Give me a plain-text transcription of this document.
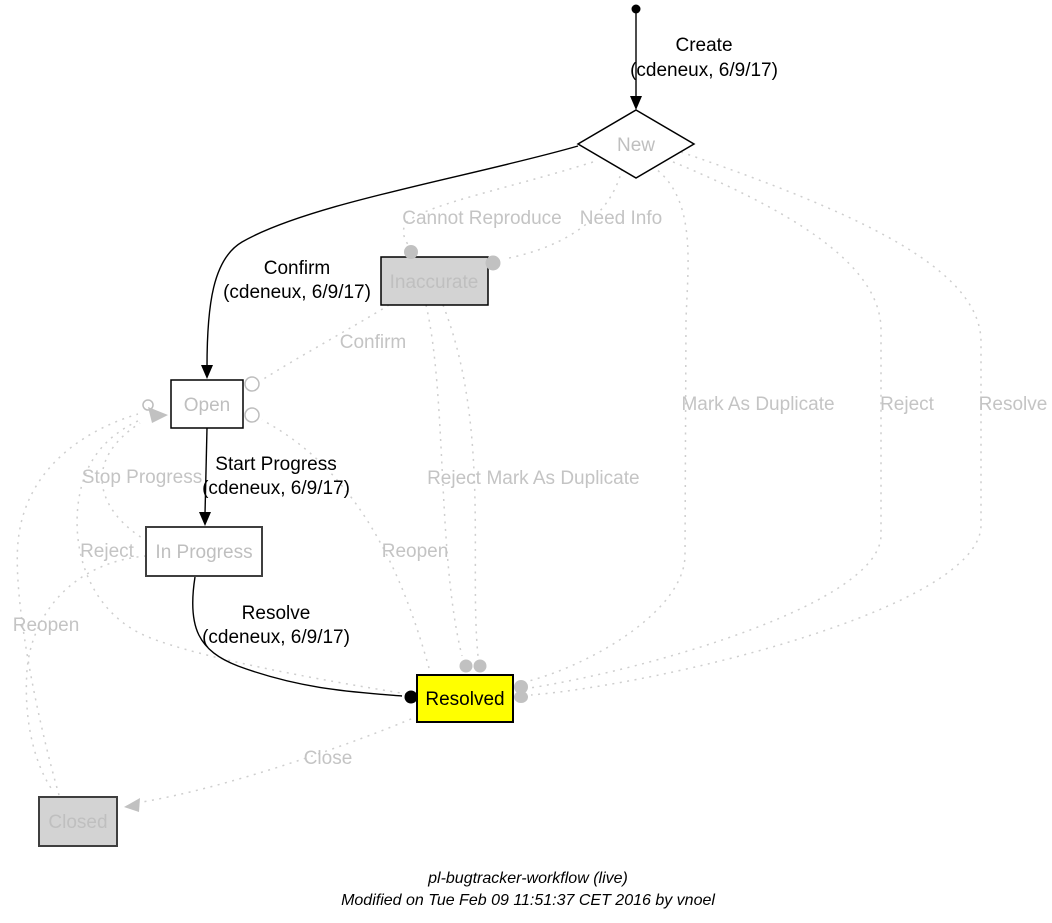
New
Inaccurate
Open
In Progress
Resolved
Closed
Create
(cdeneux, 6/9/17)
Cannot Reproduce Need Info
Confirm
(cdeneux, 6/9/17)
Confirm
Mark As Duplicate Reject Resolve
Stop Progress
Start Progress
(cdeneux, 6/9/17)	Reject Mark As Duplicate
Reject	Reopen
Resolve
(cdeneux, 6/9/17)
Reopen
Close
pl-bugtracker-workflow (live)
Modified on Tue Feb 09 11:51:37 CET 2016 by vnoel
